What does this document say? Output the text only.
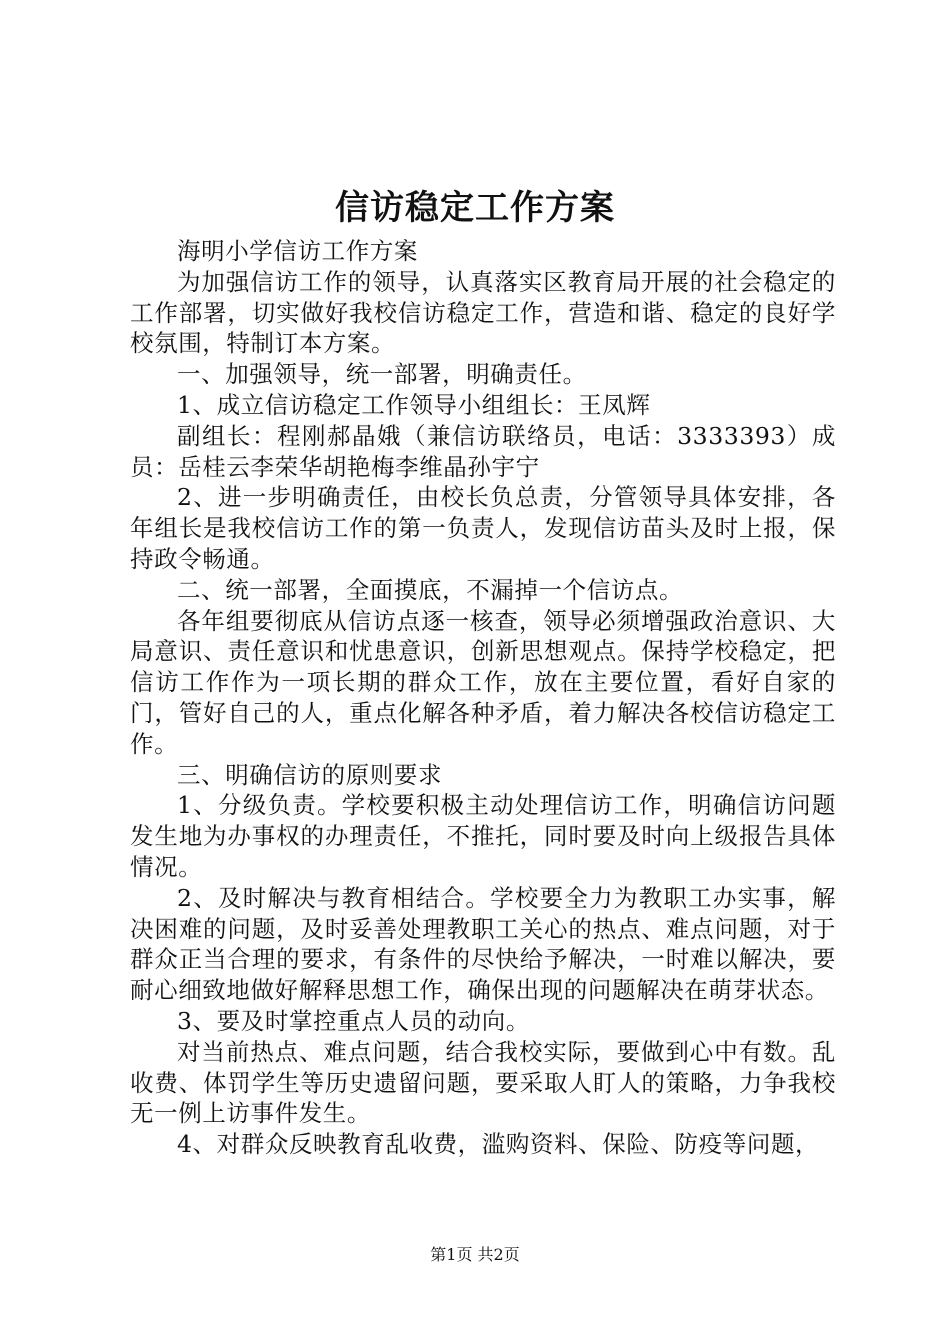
信访稳定工作方案

海明小学信访工作方案

为加强信访工作的领导，认真落实区教育局开展的社会稳定的工作部署，切实做好我校信访稳定工作，营造和谐、稳定的良好学校氛围，特制订本方案。

一、加强领导，统一部署，明确责任。

1、成立信访稳定工作领导小组组长：王凤辉

副组长：程刚郝晶娥（兼信访联络员，电话：3333393）成员：岳桂云李荣华胡艳梅李维晶孙宇宁

2、进一步明确责任，由校长负总责，分管领导具体安排，各年组长是我校信访工作的第一负责人，发现信访苗头及时上报，保持政令畅通。

二、统一部署，全面摸底，不漏掉一个信访点。

各年组要彻底从信访点逐一核查，领导必须增强政治意识、大局意识、责任意识和忧患意识，创新思想观点。保持学校稳定，把信访工作作为一项长期的群众工作，放在主要位置，看好自家的门，管好自己的人，重点化解各种矛盾，着力解决各校信访稳定工作。

三、明确信访的原则要求

1、分级负责。学校要积极主动处理信访工作，明确信访问题发生地为办事权的办理责任，不推托，同时要及时向上级报告具体情况。

2、及时解决与教育相结合。学校要全力为教职工办实事，解决困难的问题，及时妥善处理教职工关心的热点、难点问题，对于群众正当合理的要求，有条件的尽快给予解决，一时难以解决，要耐心细致地做好解释思想工作，确保出现的问题解决在萌芽状态。

3、要及时掌控重点人员的动向。

对当前热点、难点问题，结合我校实际，要做到心中有数。乱收费、体罚学生等历史遗留问题，要采取人盯人的策略，力争我校无一例上访事件发生。

4、对群众反映教育乱收费，滥购资料、保险、防疫等问题，

第1页 共2页
